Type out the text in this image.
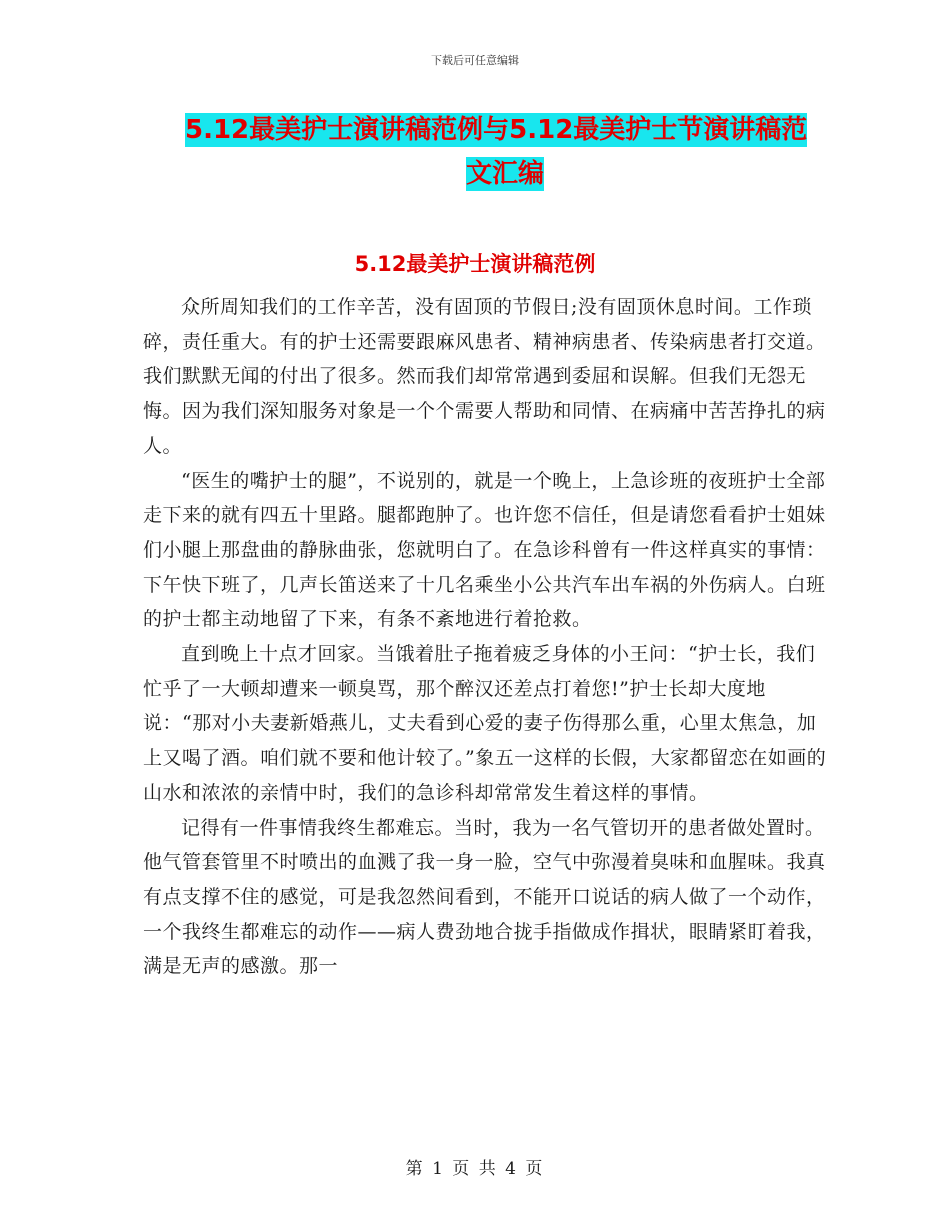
下载后可任意编辑
5.12最美护士演讲稿范例与5.12最美护士节演讲稿范
文汇编
5.12最美护士演讲稿范例

众所周知我们的工作辛苦，没有固顶的节假日;没有固顶休息时间。工作琐碎，责任重大。有的护士还需要跟麻风患者、精神病患者、传染病患者打交道。我们默默无闻的付出了很多。然而我们却常常遇到委屈和误解。但我们无怨无悔。因为我们深知服务对象是一个个需要人帮助和同情、在病痛中苦苦挣扎的病人。

“医生的嘴护士的腿”，不说别的，就是一个晚上，上急诊班的夜班护士全部走下来的就有四五十里路。腿都跑肿了。也许您不信任，但是请您看看护士姐妹们小腿上那盘曲的静脉曲张，您就明白了。在急诊科曾有一件这样真实的事情：下午快下班了，几声长笛送来了十几名乘坐小公共汽车出车祸的外伤病人。白班的护士都主动地留了下来，有条不紊地进行着抢救。

直到晚上十点才回家。当饿着肚子拖着疲乏身体的小王问：“护士长，我们忙乎了一大顿却遭来一顿臭骂，那个醉汉还差点打着您!”护士长却大度地说：“那对小夫妻新婚燕儿，丈夫看到心爱的妻子伤得那么重，心里太焦急，加上又喝了酒。咱们就不要和他计较了。”象五一这样的长假，大家都留恋在如画的山水和浓浓的亲情中时，我们的急诊科却常常发生着这样的事情。

记得有一件事情我终生都难忘。当时，我为一名气管切开的患者做处置时。他气管套管里不时喷出的血溅了我一身一脸，空气中弥漫着臭味和血腥味。我真有点支撑不住的感觉，可是我忽然间看到，不能开口说话的病人做了一个动作，一个我终生都难忘的动作——病人费劲地合拢手指做成作揖状，眼睛紧盯着我，满是无声的感激。那一

第 1 页 共 4 页
